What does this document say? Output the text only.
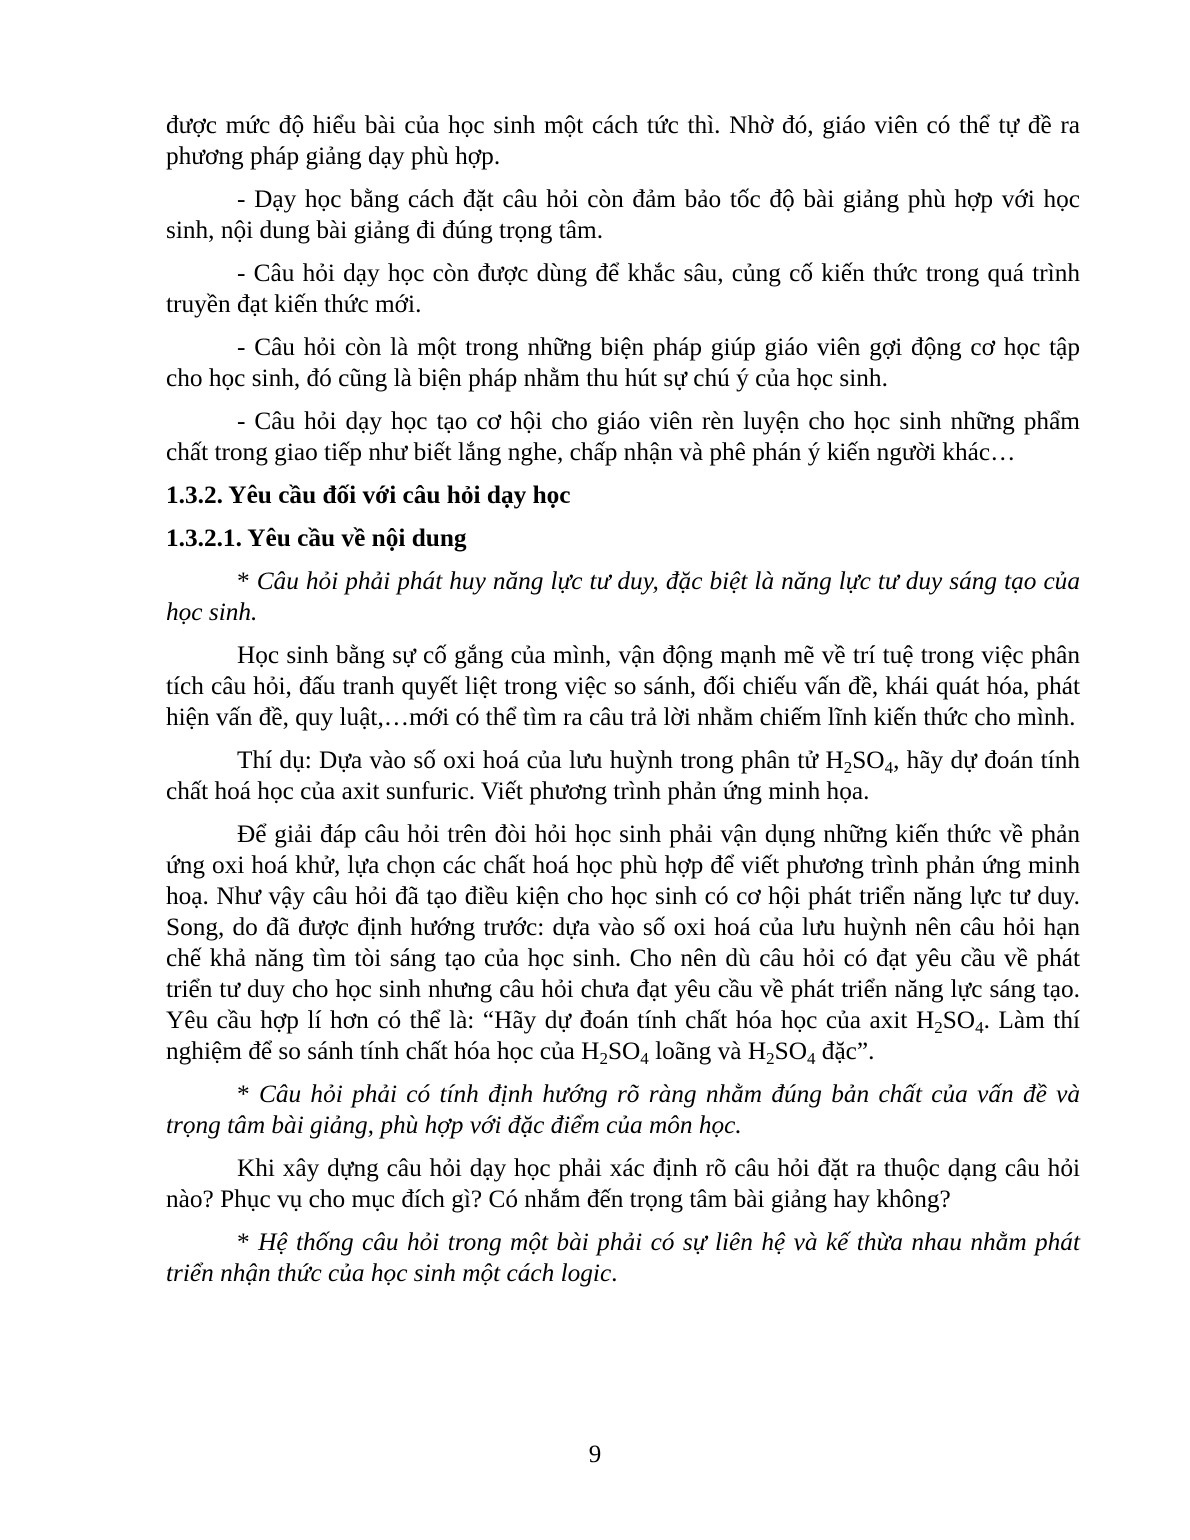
được mức độ hiểu bài của học sinh một cách tức thì. Nhờ đó, giáo viên có thể tự đề ra phương pháp giảng dạy phù hợp.

- Dạy học bằng cách đặt câu hỏi còn đảm bảo tốc độ bài giảng phù hợp với học sinh, nội dung bài giảng đi đúng trọng tâm.

- Câu hỏi dạy học còn được dùng để khắc sâu, củng cố kiến thức trong quá trình truyền đạt kiến thức mới.

- Câu hỏi còn là một trong những biện pháp giúp giáo viên gợi động cơ học tập cho học sinh, đó cũng là biện pháp nhằm thu hút sự chú ý của học sinh.

- Câu hỏi dạy học tạo cơ hội cho giáo viên rèn luyện cho học sinh những phẩm chất trong giao tiếp như biết lắng nghe, chấp nhận và phê phán ý kiến người khác…

1.3.2. Yêu cầu đối với câu hỏi dạy học
1.3.2.1. Yêu cầu về nội dung

* Câu hỏi phải phát huy năng lực tư duy, đặc biệt là năng lực tư duy sáng tạo của học sinh.

Học sinh bằng sự cố gắng của mình, vận động mạnh mẽ về trí tuệ trong việc phân tích câu hỏi, đấu tranh quyết liệt trong việc so sánh, đối chiếu vấn đề, khái quát hóa, phát hiện vấn đề, quy luật,…mới có thể tìm ra câu trả lời nhằm chiếm lĩnh kiến thức cho mình.

Thí dụ: Dựa vào số oxi hoá của lưu huỳnh trong phân tử $H_2SO_4$, hãy dự đoán tính chất hoá học của axit sunfuric. Viết phương trình phản ứng minh họa.

Để giải đáp câu hỏi trên đòi hỏi học sinh phải vận dụng những kiến thức về phản ứng oxi hoá khử, lựa chọn các chất hoá học phù hợp để viết phương trình phản ứng minh hoạ. Như vậy câu hỏi đã tạo điều kiện cho học sinh có cơ hội phát triển năng lực tư duy. Song, do đã được định hướng trước: dựa vào số oxi hoá của lưu huỳnh nên câu hỏi hạn chế khả năng tìm tòi sáng tạo của học sinh. Cho nên dù câu hỏi có đạt yêu cầu về phát triển tư duy cho học sinh nhưng câu hỏi chưa đạt yêu cầu về phát triển năng lực sáng tạo. Yêu cầu hợp lí hơn có thể là: “Hãy dự đoán tính chất hóa học của axit $H_2SO_4$. Làm thí nghiệm để so sánh tính chất hóa học của $H_2SO_4$ loãng và $H_2SO_4$ đặc”.

* Câu hỏi phải có tính định hướng rõ ràng nhằm đúng bản chất của vấn đề và trọng tâm bài giảng, phù hợp với đặc điểm của môn học.

Khi xây dựng câu hỏi dạy học phải xác định rõ câu hỏi đặt ra thuộc dạng câu hỏi nào? Phục vụ cho mục đích gì? Có nhắm đến trọng tâm bài giảng hay không?

* Hệ thống câu hỏi trong một bài phải có sự liên hệ và kế thừa nhau nhằm phát triển nhận thức của học sinh một cách logic.

9
